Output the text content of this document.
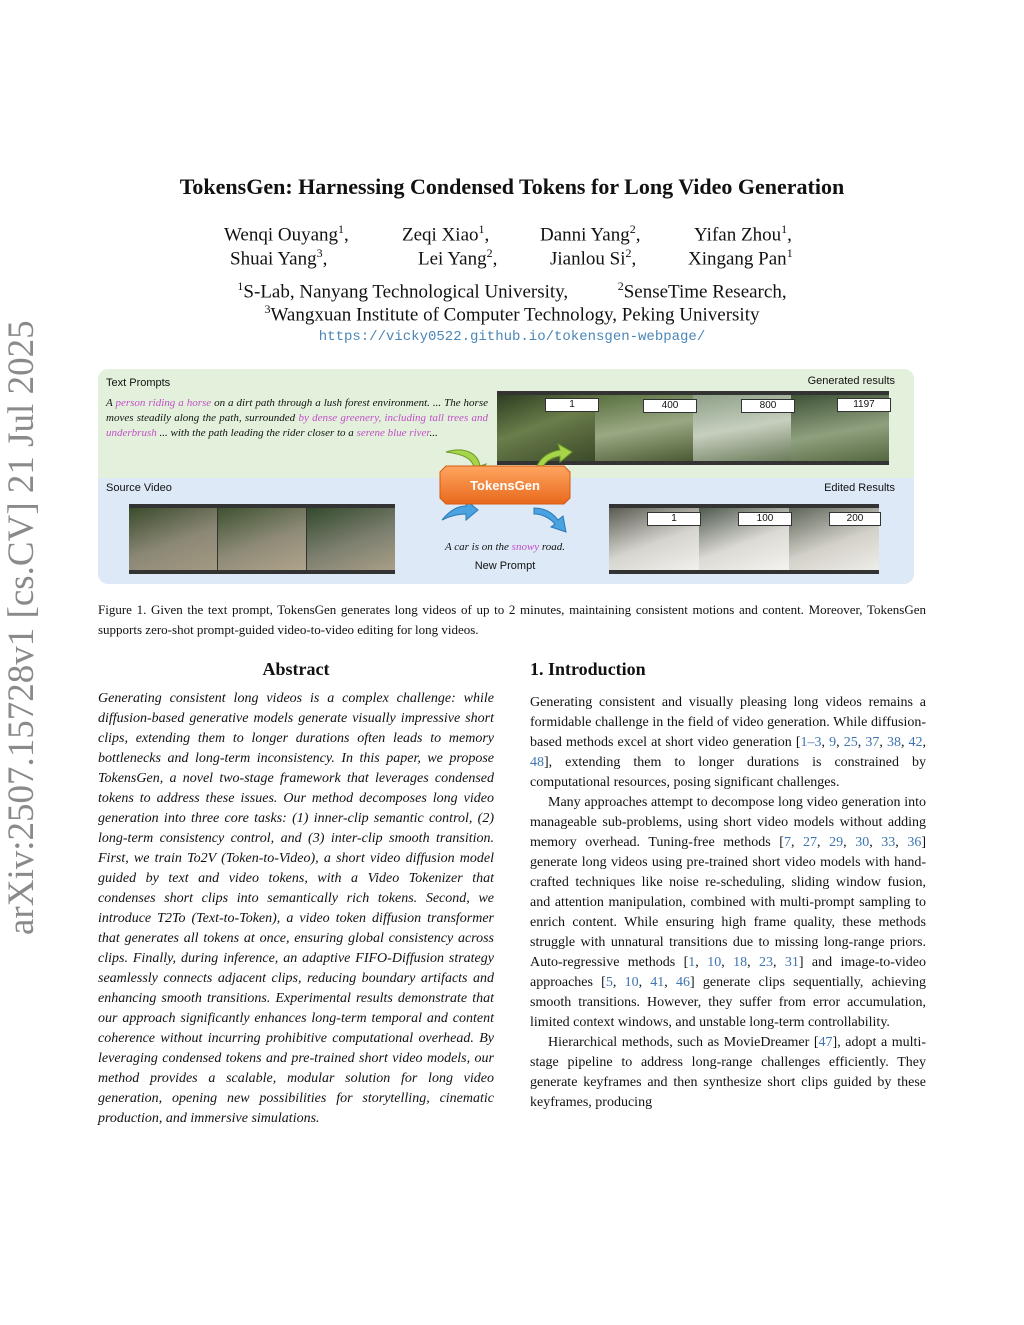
arXiv:2507.15728v1 [cs.CV] 21 Jul 2025
TokensGen: Harnessing Condensed Tokens for Long Video Generation
Wenqi Ouyang$^1$,	Zeqi Xiao$^1$,	Danni Yang$^2$,	Yifan Zhou$^1$,
Shuai Yang$^3$,	Lei Yang$^2$,	Jianlou Si$^2$,	Xingang Pan$^1$
$^1$S-Lab, Nanyang Technological University,	$^2$SenseTime Research,
$^3$Wangxuan Institute of Computer Technology, Peking University
https://vicky0522.github.io/tokensgen-webpage/
Text Prompts	Generated results
Source Video	Edited Results
A person riding a horse on a dirt path through a lush forest environment. ... The horse moves steadily along the path, surrounded by dense greenery, including tall trees and underbrush ... with the path leading the rider closer to a serene blue river...
1	400	800	1197
1	100	200
TokensGen
A car is on the snowy road.
New Prompt
Figure 1. Given the text prompt, TokensGen generates long videos of up to 2 minutes, maintaining consistent motions and content. Moreover, TokensGen supports zero-shot prompt-guided video-to-video editing for long videos.
Abstract
Generating consistent long videos is a complex challenge: while diffusion-based generative models generate visually impressive short clips, extending them to longer durations often leads to memory bottlenecks and long-term inconsistency. In this paper, we propose TokensGen, a novel two-stage framework that leverages condensed tokens to address these issues. Our method decomposes long video generation into three core tasks: (1) inner-clip semantic control, (2) long-term consistency control, and (3) inter-clip smooth transition. First, we train To2V (Token-to-Video), a short video diffusion model guided by text and video tokens, with a Video Tokenizer that condenses short clips into semantically rich tokens. Second, we introduce T2To (Text-to-Token), a video token diffusion transformer that generates all tokens at once, ensuring global consistency across clips. Finally, during inference, an adaptive FIFO-Diffusion strategy seamlessly connects adjacent clips, reducing boundary artifacts and enhancing smooth transitions. Experimental results demonstrate that our approach significantly enhances long-term temporal and content coherence without incurring prohibitive computational overhead. By leveraging condensed tokens and pre-trained short video models, our method provides a scalable, modular solution for long video generation, opening new possibilities for storytelling, cinematic production, and immersive simulations.
1. Introduction

Generating consistent and visually pleasing long videos remains a formidable challenge in the field of video generation. While diffusion-based methods excel at short video generation [1–3, 9, 25, 37, 38, 42, 48], extending them to longer durations is constrained by computational resources, posing significant challenges.

Many approaches attempt to decompose long video generation into manageable sub-problems, using short video models without adding memory overhead. Tuning-free methods [7, 27, 29, 30, 33, 36] generate long videos using pre-trained short video models with hand-crafted techniques like noise re-scheduling, sliding window fusion, and attention manipulation, combined with multi-prompt sampling to enrich content. While ensuring high frame quality, these methods struggle with unnatural transitions due to missing long-range priors. Auto-regressive methods [1, 10, 18, 23, 31] and image-to-video approaches [5, 10, 41, 46] generate clips sequentially, achieving smooth transitions. However, they suffer from error accumulation, limited context windows, and unstable long-term controllability.

Hierarchical methods, such as MovieDreamer [47], adopt a multi-stage pipeline to address long-range challenges efficiently. They generate keyframes and then synthesize short clips guided by these keyframes, producing
